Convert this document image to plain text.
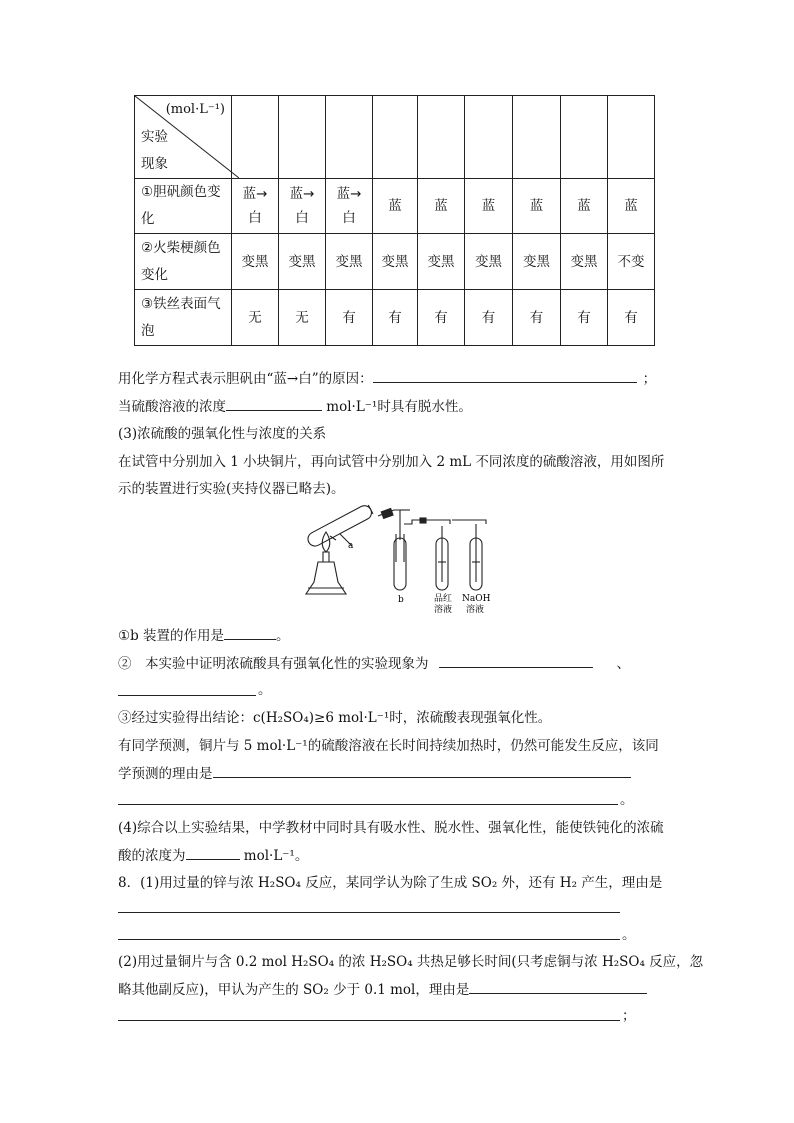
(mol·L⁻¹)
实验
现象									

①胆矾颜色变
化	蓝→白	蓝→白	蓝→白	蓝	蓝	蓝	蓝	蓝	蓝

②火柴梗颜色
变化	变黑	变黑	变黑	变黑	变黑	变黑	变黑	变黑	不变

③铁丝表面气
泡	无	无	有	有	有	有	有	有	有
用化学方程式表示胆矾由“蓝→白”的原因：	；
当硫酸溶液的浓度	mol·L⁻¹时具有脱水性。
(3)浓硫酸的强氧化性与浓度的关系
在试管中分别加入 1 小块铜片，再向试管中分别加入 2 mL 不同浓度的硫酸溶液，用如图所
示的装置进行实验(夹持仪器已略去)。
a
b	品红
溶液
NaOH
溶液
①b 装置的作用是	。
②　本实验中证明浓硫酸具有强氧化性的实验现象为	、
。
③经过实验得出结论：c(H₂SO₄)≥6 mol·L⁻¹时，浓硫酸表现强氧化性。
有同学预测，铜片与 5 mol·L⁻¹的硫酸溶液在长时间持续加热时，仍然可能发生反应，该同
学预测的理由是
。
(4)综合以上实验结果，中学教材中同时具有吸水性、脱水性、强氧化性，能使铁钝化的浓硫
酸的浓度为	mol·L⁻¹。
8．(1)用过量的锌与浓 H₂SO₄ 反应，某同学认为除了生成 SO₂ 外，还有 H₂ 产生，理由是
。
(2)用过量铜片与含 0.2 mol H₂SO₄ 的浓 H₂SO₄ 共热足够长时间(只考虑铜与浓 H₂SO₄ 反应，忽
略其他副反应)，甲认为产生的 SO₂ 少于 0.1 mol，理由是
；
